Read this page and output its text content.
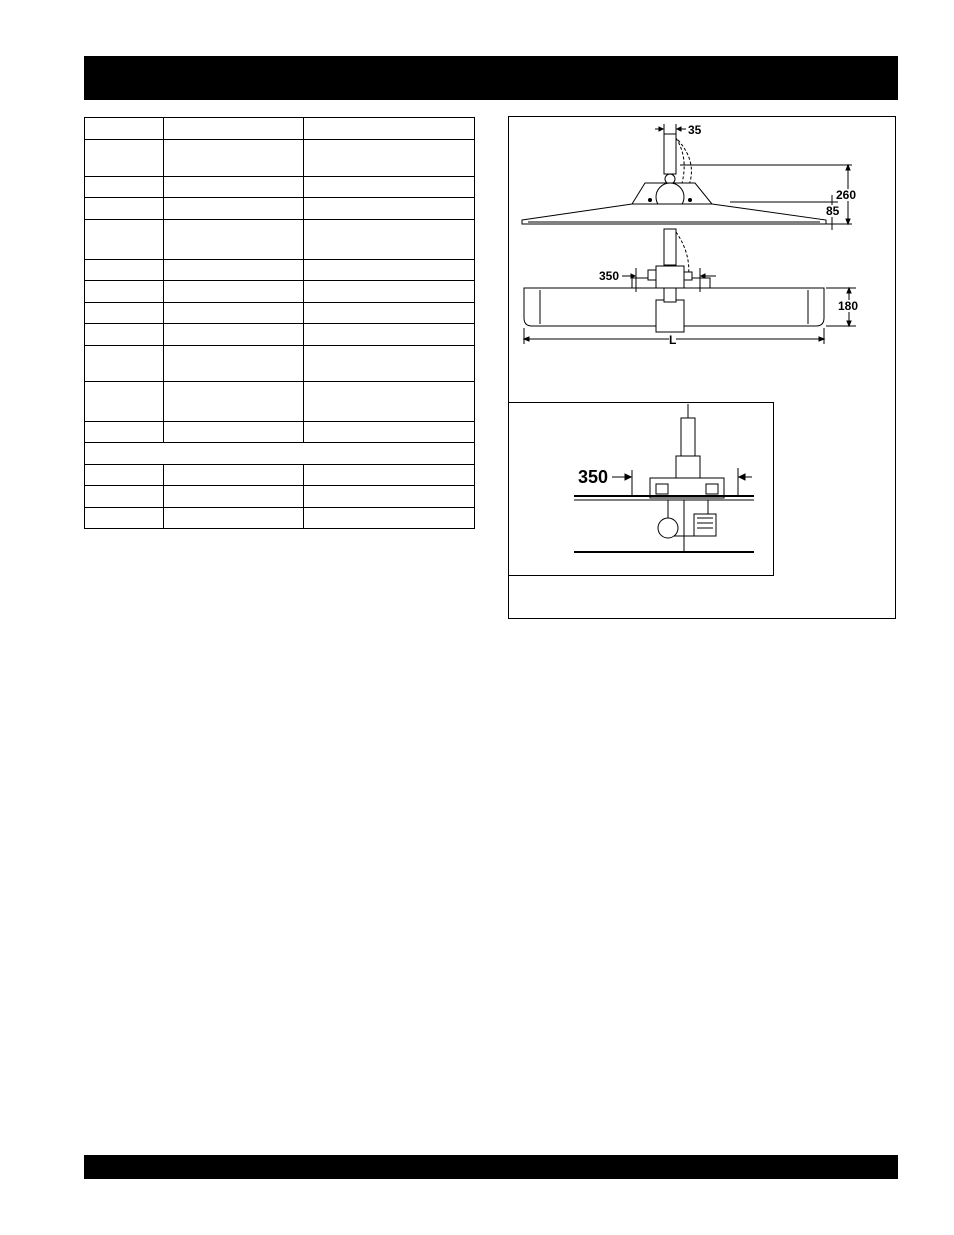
35
260
85
350
180
L
350
